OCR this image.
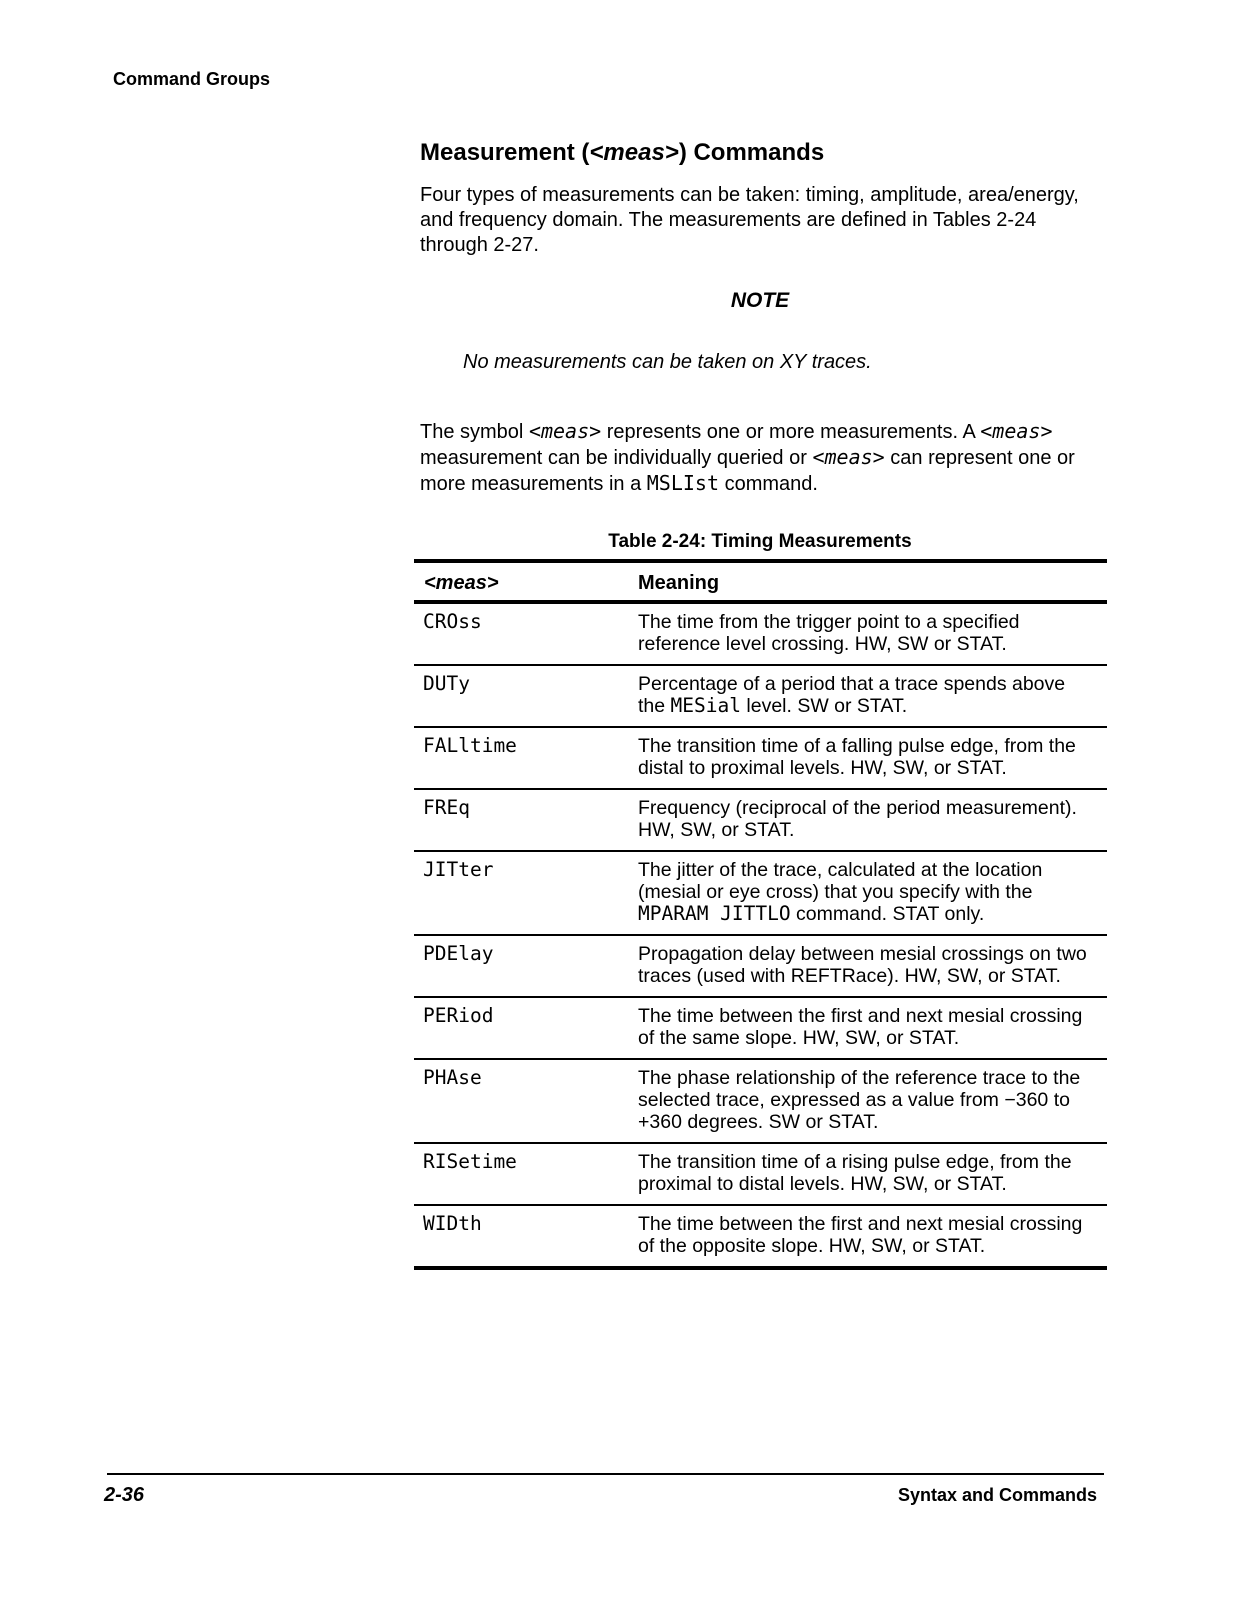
Command Groups
Measurement (<meas>) Commands

Four types of measurements can be taken: timing, amplitude, area/energy, and frequency domain. The measurements are defined in Tables 2-24 through 2-27.

NOTE
No measurements can be taken on XY traces.

The symbol <meas> represents one or more measurements. A <meas> measurement can be individually queried or <meas> can represent one or more measurements in a MSLIst command.

Table 2-24: Timing Measurements
<meas>	Meaning
CROss	The time from the trigger point to a specified reference level crossing. HW, SW or STAT.
DUTy	Percentage of a period that a trace spends above the MESial level. SW or STAT.
FALltime	The transition time of a falling pulse edge, from the distal to proximal levels. HW, SW, or STAT.
FREq	Frequency (reciprocal of the period measurement). HW, SW, or STAT.
JITter	The jitter of the trace, calculated at the location (mesial or eye cross) that you specify with the MPARAM JITTLO command. STAT only.
PDElay	Propagation delay between mesial crossings on two traces (used with REFTRace). HW, SW, or STAT.
PERiod	The time between the first and next mesial crossing of the same slope. HW, SW, or STAT.
PHAse	The phase relationship of the reference trace to the selected trace, expressed as a value from −360 to +360 degrees. SW or STAT.
RISetime	The transition time of a rising pulse edge, from the proximal to distal levels. HW, SW, or STAT.
WIDth	The time between the first and next mesial crossing of the opposite slope. HW, SW, or STAT.
2-36	Syntax and Commands
